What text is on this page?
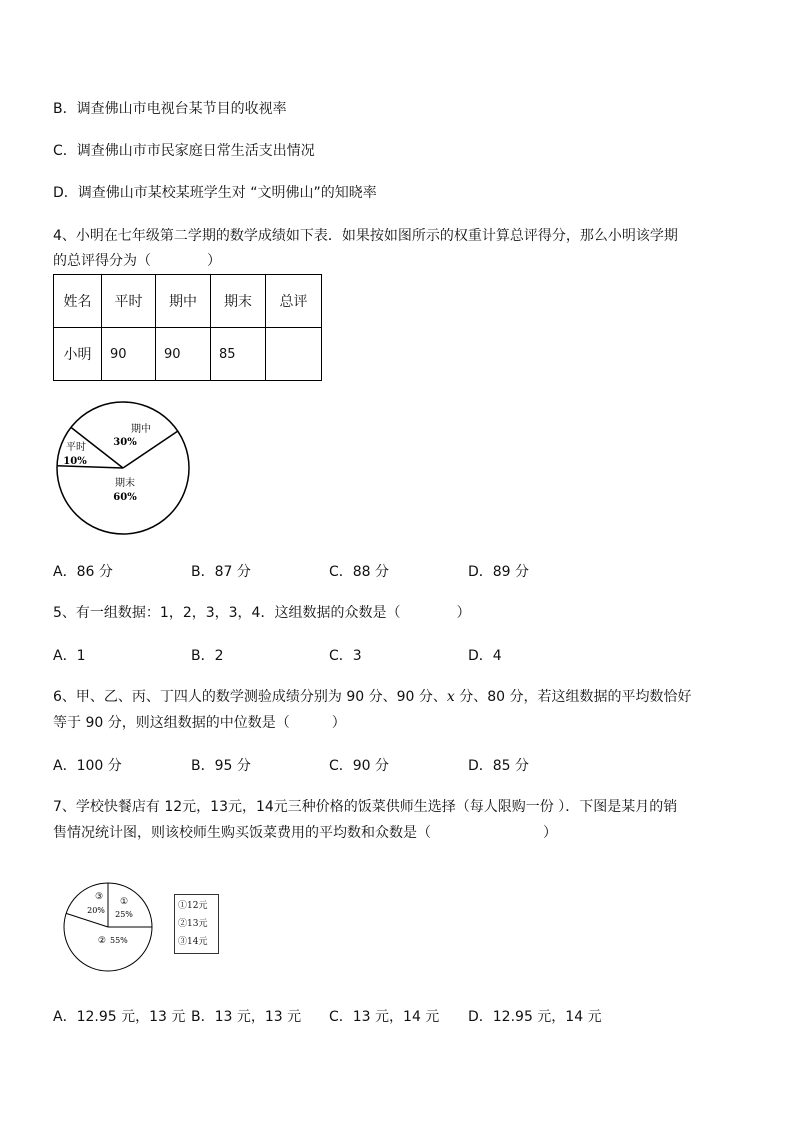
B．调查佛山市电视台某节目的收视率
C．调查佛山市市民家庭日常生活支出情况
D．调查佛山市某校某班学生对 “文明佛山”的知晓率
4、小明在七年级第二学期的数学成绩如下表．如果按如图所示的权重计算总评得分，那么小明该学期
的总评得分为（　　　　）
姓名	平时	期中	期末	总评
小明	90	90	85	
期中
30%
平时
10%
期末
60%
A．86 分	B．87 分	C．88 分	D．89 分
5、有一组数据：1，2，3，3，4．这组数据的众数是（　　　　）
A．1	B．2	C．3	D．4
6、甲、乙、丙、丁四人的数学测验成绩分别为 90 分、90 分、x 分、80 分，若这组数据的平均数恰好
等于 90 分，则这组数据的中位数是（　　　）
A．100 分	B．95 分	C．90 分	D．85 分
7、学校快餐店有 12元，13元，14元三种价格的饭菜供师生选择（每人限购一份 ）．下图是某月的销
售情况统计图，则该校师生购买饭菜费用的平均数和众数是（　　　　　　　　）
①
25%
③
20%
② 55%
①12元
②13元
③14元
A．12.95 元，13 元 B．13 元，13 元 C．13 元，14 元 D．12.95 元，14 元
